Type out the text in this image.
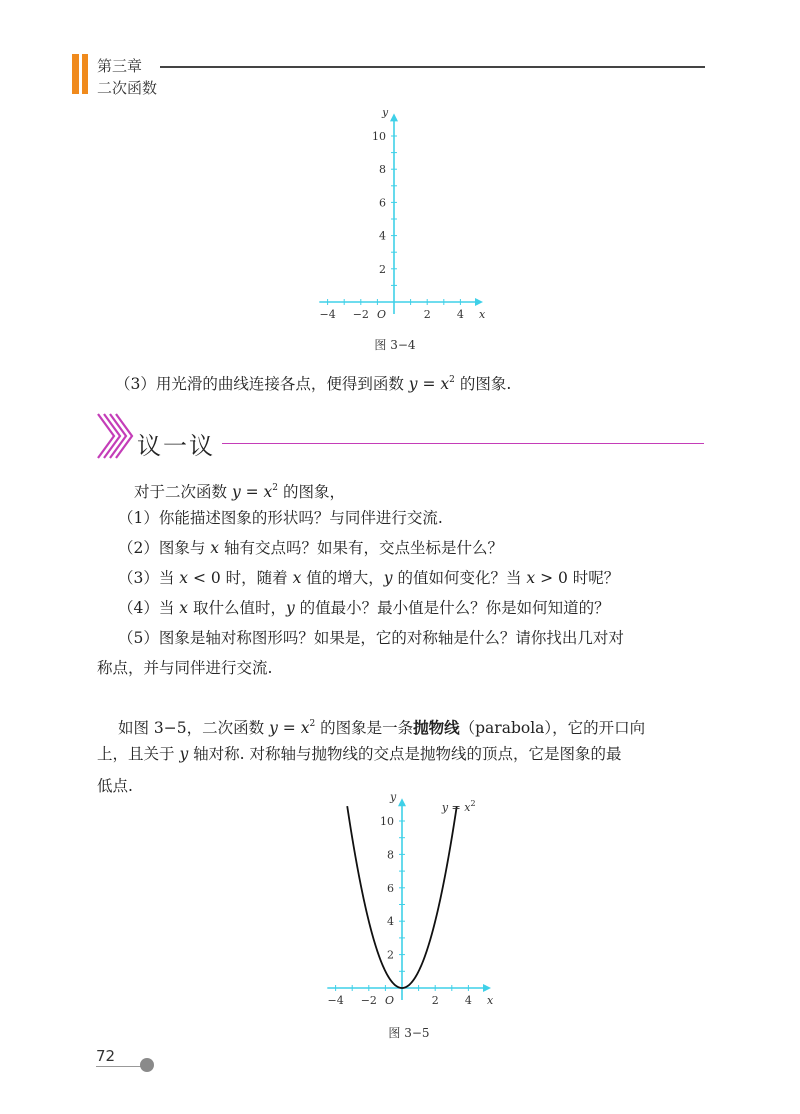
第三章
二次函数
−4 −2	2 4
2
4
6
8
10
O	x
y
图 3−4
（3）用光滑的曲线连接各点，便得到函数 $y = x^2$ 的图象.
议一议
对于二次函数 $y = x^2$ 的图象，
（1）你能描述图象的形状吗？与同伴进行交流.
（2）图象与 x 轴有交点吗？如果有，交点坐标是什么？
（3）当 x < 0 时，随着 x 值的增大，y 的值如何变化？当 x > 0 时呢？
（4）当 x 取什么值时，y 的值最小？最小值是什么？你是如何知道的？
（5）图象是轴对称图形吗？如果是，它的对称轴是什么？请你找出几对对
称点，并与同伴进行交流.
如图 3−5，二次函数 $y = x^2$ 的图象是一条抛物线（parabola），它的开口向
上，且关于 y 轴对称. 对称轴与抛物线的交点是抛物线的顶点，它是图象的最
低点.
−4 −2	2 4
2
4
6
8
10
O	x
y
$y = x^2$
图 3−5
72
